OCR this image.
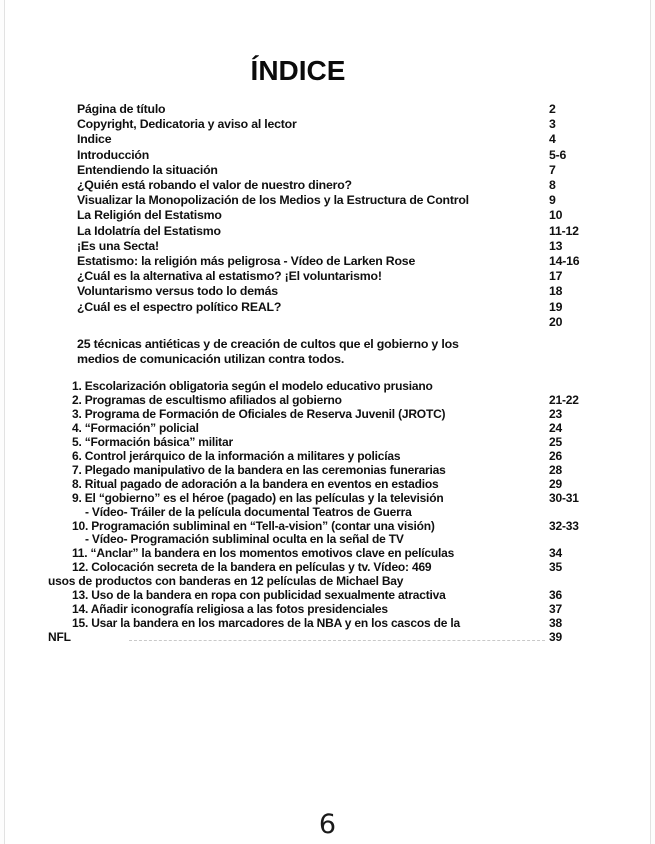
ÍNDICE
Página de título	2
Copyright, Dedicatoria y aviso al lector	3
Indice	4
Introducción	5-6
Entendiendo la situación	7
¿Quién está robando el valor de nuestro dinero?	8
Visualizar la Monopolización de los Medios y la Estructura de Control	9
La Religión del Estatismo	10
La Idolatría del Estatismo	11-12
¡Es una Secta!	13
Estatismo: la religión más peligrosa - Vídeo de Larken Rose	14-16
¿Cuál es la alternativa al estatismo? ¡El voluntarismo!	17
Voluntarismo versus todo lo demás	18
¿Cuál es el espectro político REAL?	19
20
25 técnicas antiéticas y de creación de cultos que el gobierno y los
medios de comunicación utilizan contra todos.
1. Escolarización obligatoria según el modelo educativo prusiano
2. Programas de escultismo afiliados al gobierno	21-22
3. Programa de Formación de Oficiales de Reserva Juvenil (JROTC)	23
4. “Formación” policial	24
5. “Formación básica” militar	25
6. Control jerárquico de la información a militares y policías	26
7. Plegado manipulativo de la bandera en las ceremonias funerarias	28
8. Ritual pagado de adoración a la bandera en eventos en estadios	29
9. El “gobierno” es el héroe (pagado) en las películas y la televisión	30-31
- Vídeo- Tráiler de la película documental Teatros de Guerra
10. Programación subliminal en “Tell-a-vision” (contar una visión)	32-33
- Vídeo- Programación subliminal oculta en la señal de TV
11. “Anclar” la bandera en los momentos emotivos clave en películas	34
12. Colocación secreta de la bandera en películas y tv. Vídeo: 469	35
usos de productos con banderas en 12 películas de Michael Bay
13. Uso de la bandera en ropa con publicidad sexualmente atractiva	36
14. Añadir iconografía religiosa a las fotos presidenciales	37
15. Usar la bandera en los marcadores de la NBA y en los cascos de la	38
NFL	39
6
